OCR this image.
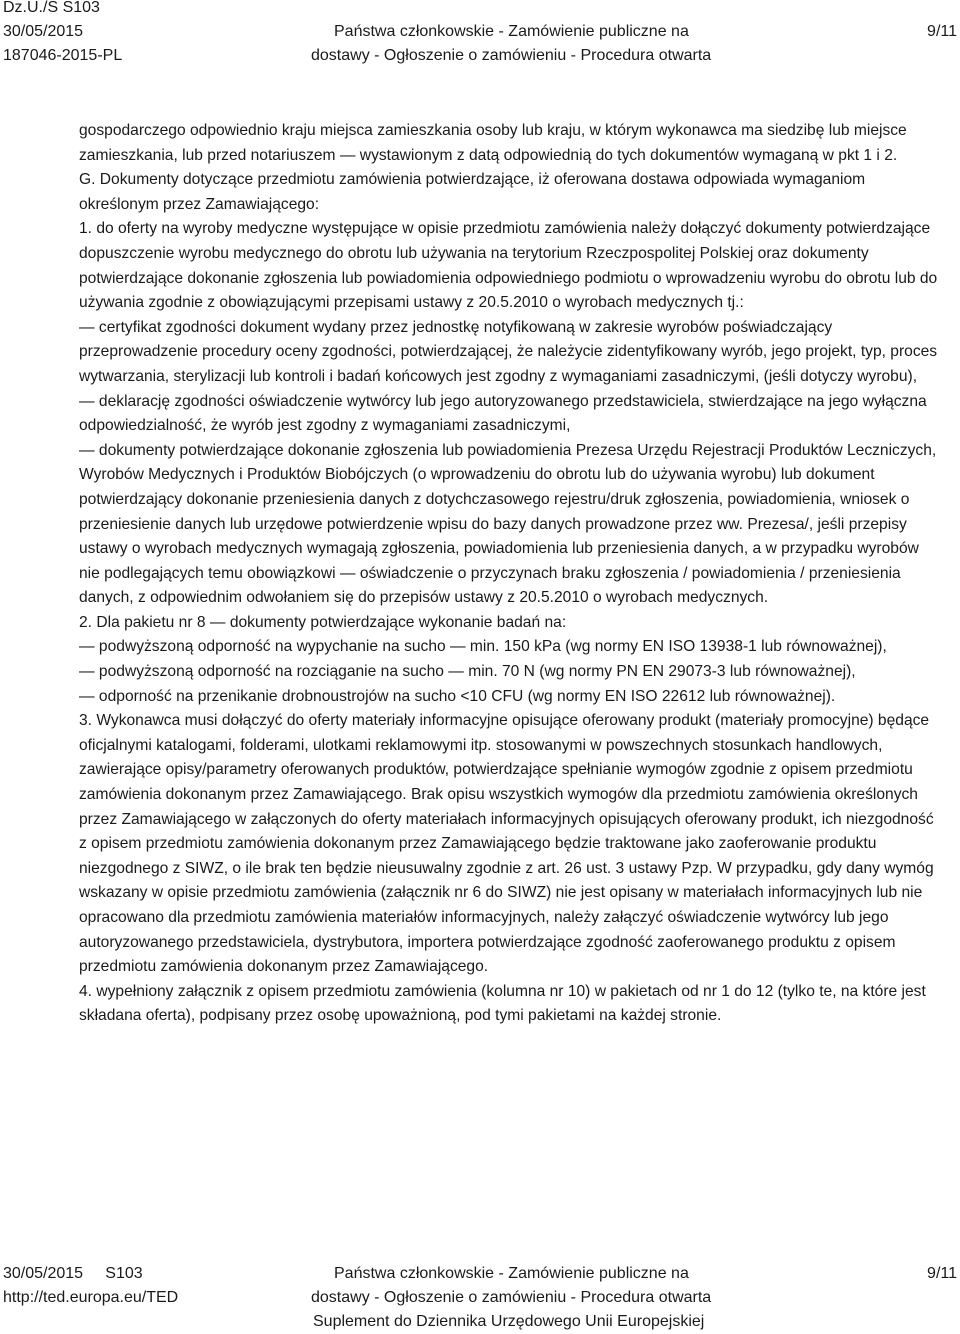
Dz.U./S S103
30/05/2015
187046-2015-PL
Państwa członkowskie - Zamówienie publiczne na
dostawy - Ogłoszenie o zamówieniu - Procedura otwarta
9/11

gospodarczego odpowiednio kraju miejsca zamieszkania osoby lub kraju, w którym wykonawca ma siedzibę lub miejsce zamieszkania, lub przed notariuszem — wystawionym z datą odpowiednią do tych dokumentów wymaganą w pkt 1 i 2.

G. Dokumenty dotyczące przedmiotu zamówienia potwierdzające, iż oferowana dostawa odpowiada wymaganiom określonym przez Zamawiającego:

1. do oferty na wyroby medyczne występujące w opisie przedmiotu zamówienia należy dołączyć dokumenty potwierdzające dopuszczenie wyrobu medycznego do obrotu lub używania na terytorium Rzeczpospolitej Polskiej oraz dokumenty potwierdzające dokonanie zgłoszenia lub powiadomienia odpowiedniego podmiotu o wprowadzeniu wyrobu do obrotu lub do używania zgodnie z obowiązującymi przepisami ustawy z 20.5.2010 o wyrobach medycznych tj.:

— certyfikat zgodności dokument wydany przez jednostkę notyfikowaną w zakresie wyrobów poświadczający przeprowadzenie procedury oceny zgodności, potwierdzającej, że należycie zidentyfikowany wyrób, jego projekt, typ, proces wytwarzania, sterylizacji lub kontroli i badań końcowych jest zgodny z wymaganiami zasadniczymi, (jeśli dotyczy wyrobu),

— deklarację zgodności oświadczenie wytwórcy lub jego autoryzowanego przedstawiciela, stwierdzające na jego wyłączna odpowiedzialność, że wyrób jest zgodny z wymaganiami zasadniczymi,

— dokumenty potwierdzające dokonanie zgłoszenia lub powiadomienia Prezesa Urzędu Rejestracji Produktów Leczniczych, Wyrobów Medycznych i Produktów Biobójczych (o wprowadzeniu do obrotu lub do używania wyrobu) lub dokument potwierdzający dokonanie przeniesienia danych z dotychczasowego rejestru/druk zgłoszenia, powiadomienia, wniosek o przeniesienie danych lub urzędowe potwierdzenie wpisu do bazy danych prowadzone przez ww. Prezesa/, jeśli przepisy ustawy o wyrobach medycznych wymagają zgłoszenia, powiadomienia lub przeniesienia danych, a w przypadku wyrobów nie podlegających temu obowiązkowi — oświadczenie o przyczynach braku zgłoszenia / powiadomienia / przeniesienia danych, z odpowiednim odwołaniem się do przepisów ustawy z 20.5.2010 o wyrobach medycznych.

2. Dla pakietu nr 8 — dokumenty potwierdzające wykonanie badań na:

— podwyższoną odporność na wypychanie na sucho — min. 150 kPa (wg normy EN ISO 13938-1 lub równoważnej),

— podwyższoną odporność na rozciąganie na sucho — min. 70 N (wg normy PN EN 29073-3 lub równoważnej),

— odporność na przenikanie drobnoustrojów na sucho <10 CFU (wg normy EN ISO 22612 lub równoważnej).

3. Wykonawca musi dołączyć do oferty materiały informacyjne opisujące oferowany produkt (materiały promocyjne) będące oficjalnymi katalogami, folderami, ulotkami reklamowymi itp. stosowanymi w powszechnych stosunkach handlowych, zawierające opisy/parametry oferowanych produktów, potwierdzające spełnianie wymogów zgodnie z opisem przedmiotu zamówienia dokonanym przez Zamawiającego. Brak opisu wszystkich wymogów dla przedmiotu zamówienia określonych przez Zamawiającego w załączonych do oferty materiałach informacyjnych opisujących oferowany produkt, ich niezgodność z opisem przedmiotu zamówienia dokonanym przez Zamawiającego będzie traktowane jako zaoferowanie produktu niezgodnego z SIWZ, o ile brak ten będzie nieusuwalny zgodnie z art. 26 ust. 3 ustawy Pzp. W przypadku, gdy dany wymóg wskazany w opisie przedmiotu zamówienia (załącznik nr 6 do SIWZ) nie jest opisany w materiałach informacyjnych lub nie opracowano dla przedmiotu zamówienia materiałów informacyjnych, należy załączyć oświadczenie wytwórcy lub jego autoryzowanego przedstawiciela, dystrybutora, importera potwierdzające zgodność zaoferowanego produktu z opisem przedmiotu zamówienia dokonanym przez Zamawiającego.

4. wypełniony załącznik z opisem przedmiotu zamówienia (kolumna nr 10) w pakietach od nr 1 do 12 (tylko te, na które jest składana oferta), podpisany przez osobę upoważnioną, pod tymi pakietami na każdej stronie.

30/05/2015     S103
http://ted.europa.eu/TED
Państwa członkowskie - Zamówienie publiczne na
dostawy - Ogłoszenie o zamówieniu - Procedura otwarta
Suplement do Dziennika Urzędowego Unii Europejskiej
9/11
